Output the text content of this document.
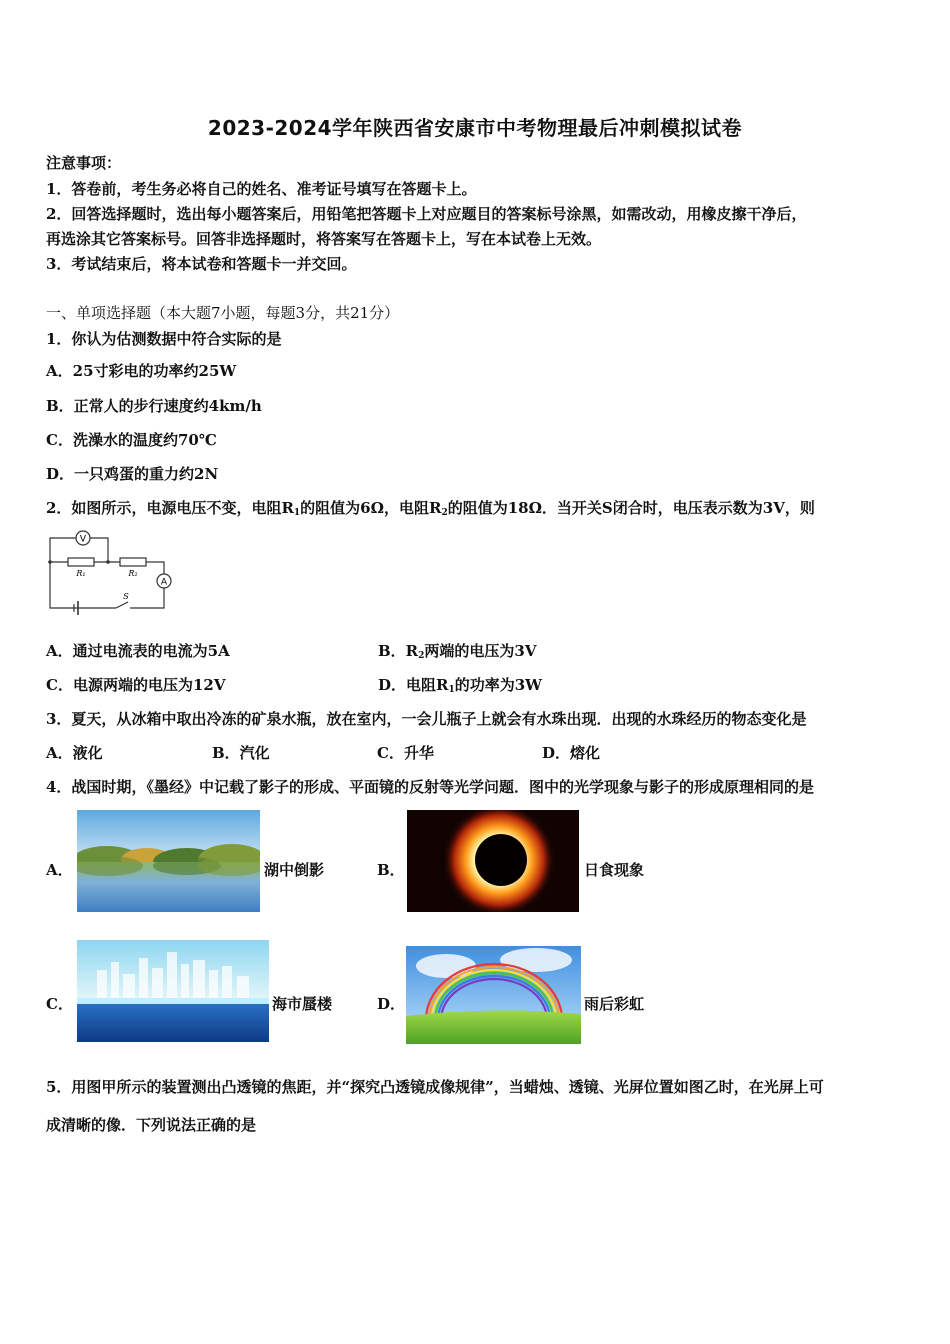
2023-2024学年陕西省安康市中考物理最后冲刺模拟试卷
注意事项：
1．答卷前，考生务必将自己的姓名、准考证号填写在答题卡上。
2．回答选择题时，选出每小题答案后，用铅笔把答题卡上对应题目的答案标号涂黑，如需改动，用橡皮擦干净后，
再选涂其它答案标号。回答非选择题时，将答案写在答题卡上，写在本试卷上无效。
3．考试结束后，将本试卷和答题卡一并交回。
一、单项选择题（本大题7小题，每题3分，共21分）
1．你认为估测数据中符合实际的是
A．25寸彩电的功率约25W
B．正常人的步行速度约4km/h
C．洗澡水的温度约70℃
D．一只鸡蛋的重力约2N
2．如图所示，电源电压不变，电阻$R_1$的阻值为6Ω，电阻$R_2$的阻值为18Ω．当开关S闭合时，电压表示数为3V，则
V
A
R₁	R₂
S
A．通过电流表的电流为5A	B．$R_2$两端的电压为3V
C．电源两端的电压为12V	D．电阻$R_1$的功率为3W
3．夏天，从冰箱中取出冷冻的矿泉水瓶，放在室内，一会儿瓶子上就会有水珠出现．出现的水珠经历的物态变化是
A．液化	B．汽化	C．升华	D．熔化
4．战国时期，《墨经》中记载了影子的形成、平面镜的反射等光学问题．图中的光学现象与影子的形成原理相同的是
A．	湖中倒影	B．	日食现象
C．	海市蜃楼	D．	雨后彩虹
5．用图甲所示的装置测出凸透镜的焦距，并“探究凸透镜成像规律”，当蜡烛、透镜、光屏位置如图乙时，在光屏上可
成清晰的像．下列说法正确的是
